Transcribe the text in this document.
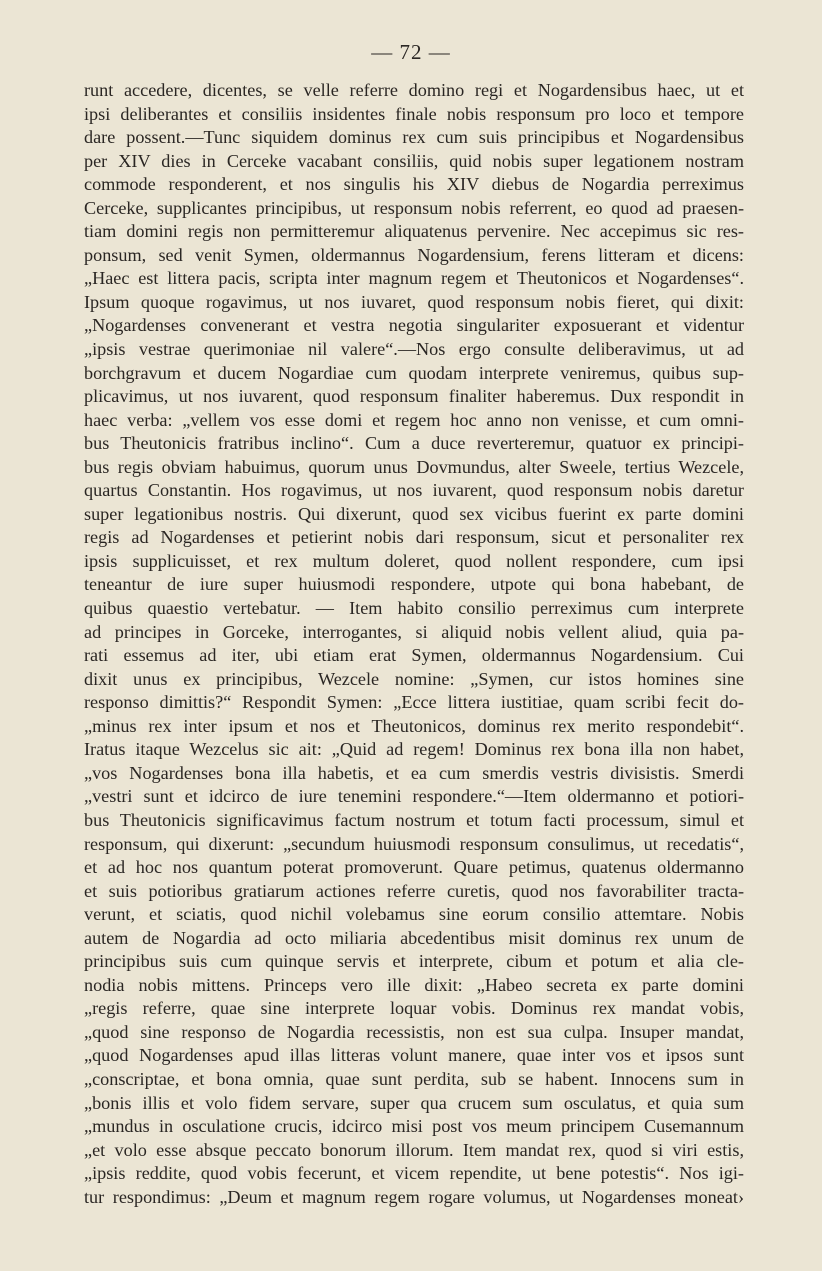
— 72 —
runt accedere, dicentes, se velle referre domino regi et Nogardensibus haec, ut et
ipsi deliberantes et consiliis insidentes finale nobis responsum pro loco et tempore
dare possent.—Tunc siquidem dominus rex cum suis principibus et Nogardensibus
per XIV dies in Cerceke vacabant consiliis, quid nobis super legationem nostram
commode responderent, et nos singulis his XIV diebus de Nogardia perreximus
Cerceke, supplicantes principibus, ut responsum nobis referrent, eo quod ad praesen-
tiam domini regis non permitteremur aliquatenus pervenire. Nec accepimus sic res-
ponsum, sed venit Symen, oldermannus Nogardensium, ferens litteram et dicens:
„Haec est littera pacis, scripta inter magnum regem et Theutonicos et Nogardenses“.
Ipsum quoque rogavimus, ut nos iuvaret, quod responsum nobis fieret, qui dixit:
„Nogardenses convenerant et vestra negotia singulariter exposuerant et videntur
„ipsis vestrae querimoniae nil valere“.—Nos ergo consulte deliberavimus, ut ad
borchgravum et ducem Nogardiae cum quodam interprete veniremus, quibus sup-
plicavimus, ut nos iuvarent, quod responsum finaliter haberemus. Dux respondit in
haec verba: „vellem vos esse domi et regem hoc anno non venisse, et cum omni-
bus Theutonicis fratribus inclino“. Cum a duce reverteremur, quatuor ex principi-
bus regis obviam habuimus, quorum unus Dovmundus, alter Sweele, tertius Wezcele,
quartus Constantin. Hos rogavimus, ut nos iuvarent, quod responsum nobis daretur
super legationibus nostris. Qui dixerunt, quod sex vicibus fuerint ex parte domini
regis ad Nogardenses et petierint nobis dari responsum, sicut et personaliter rex
ipsis supplicuisset, et rex multum doleret, quod nollent respondere, cum ipsi
teneantur de iure super huiusmodi respondere, utpote qui bona habebant, de
quibus quaestio vertebatur. — Item habito consilio perreximus cum interprete
ad principes in Gorceke, interrogantes, si aliquid nobis vellent aliud, quia pa-
rati essemus ad iter, ubi etiam erat Symen, oldermannus Nogardensium. Cui
dixit unus ex principibus, Wezcele nomine: „Symen, cur istos homines sine
responso dimittis?“ Respondit Symen: „Ecce littera iustitiae, quam scribi fecit do-
„minus rex inter ipsum et nos et Theutonicos, dominus rex merito respondebit“.
Iratus itaque Wezcelus sic ait: „Quid ad regem! Dominus rex bona illa non habet,
„vos Nogardenses bona illa habetis, et ea cum smerdis vestris divisistis. Smerdi
„vestri sunt et idcirco de iure tenemini respondere.“—Item oldermanno et potiori-
bus Theutonicis significavimus factum nostrum et totum facti processum, simul et
responsum, qui dixerunt: „secundum huiusmodi responsum consulimus, ut recedatis“,
et ad hoc nos quantum poterat promoverunt. Quare petimus, quatenus oldermanno
et suis potioribus gratiarum actiones referre curetis, quod nos favorabiliter tracta-
verunt, et sciatis, quod nichil volebamus sine eorum consilio attemtare. Nobis
autem de Nogardia ad octo miliaria abcedentibus misit dominus rex unum de
principibus suis cum quinque servis et interprete, cibum et potum et alia cle-
nodia nobis mittens. Princeps vero ille dixit: „Habeo secreta ex parte domini
„regis referre, quae sine interprete loquar vobis. Dominus rex mandat vobis,
„quod sine responso de Nogardia recessistis, non est sua culpa. Insuper mandat,
„quod Nogardenses apud illas litteras volunt manere, quae inter vos et ipsos sunt
„conscriptae, et bona omnia, quae sunt perdita, sub se habent. Innocens sum in
„bonis illis et volo fidem servare, super qua crucem sum osculatus, et quia sum
„mundus in osculatione crucis, idcirco misi post vos meum principem Cusemannum
„et volo esse absque peccato bonorum illorum. Item mandat rex, quod si viri estis,
„ipsis reddite, quod vobis fecerunt, et vicem rependite, ut bene potestis“. Nos igi-
tur respondimus: „Deum et magnum regem rogare volumus, ut Nogardenses moneat›
